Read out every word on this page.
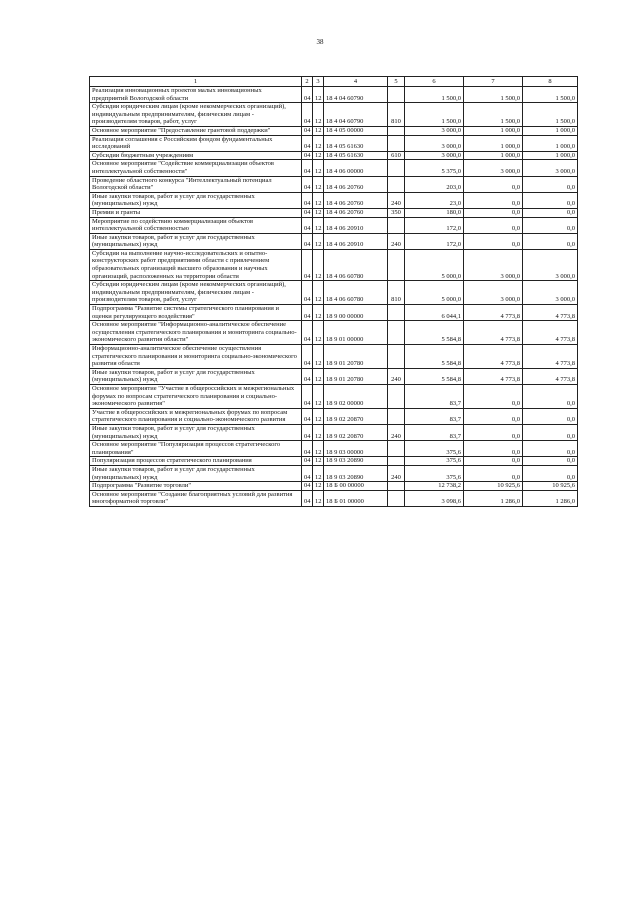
38
1	2	3	4	5	6	7	8
Реализация инновационных проектов малых инновационных предприятий Вологодской области	04	12	18 4 04 60790		1 500,0	1 500,0	1 500,0
Субсидии юридическим лицам (кроме некоммерческих организаций), индивидуальным предпринимателям, физическим лицам - производителям товаров, работ, услуг	04	12	18 4 04 60790	810	1 500,0	1 500,0	1 500,0
Основное мероприятие "Предоставление грантовой поддержки"	04	12	18 4 05 00000		3 000,0	1 000,0	1 000,0
Реализация соглашения с Российским фондом фундаментальных исследований	04	12	18 4 05 61630		3 000,0	1 000,0	1 000,0
Субсидии бюджетным учреждениям	04	12	18 4 05 61630	610	3 000,0	1 000,0	1 000,0
Основное мероприятие "Содействие коммерциализации объектов интеллектуальной собственности"	04	12	18 4 06 00000		5 375,0	3 000,0	3 000,0
Проведение областного конкурса "Интеллектуальный потенциал Вологодской области"	04	12	18 4 06 20760		203,0	0,0	0,0
Иные закупки товаров, работ и услуг для государственных (муниципальных) нужд	04	12	18 4 06 20760	240	23,0	0,0	0,0
Премии и гранты	04	12	18 4 06 20760	350	180,0	0,0	0,0
Мероприятие по содействию коммерциализации объектов интеллектуальной собственностью	04	12	18 4 06 20910		172,0	0,0	0,0
Иные закупки товаров, работ и услуг для государственных (муниципальных) нужд	04	12	18 4 06 20910	240	172,0	0,0	0,0
Субсидии на выполнение научно-исследовательских и опытно-конструкторских работ предприятиями области с привлечением образовательных организаций высшего образования и научных организаций, расположенных на территории области	04	12	18 4 06 60780		5 000,0	3 000,0	3 000,0
Субсидии юридическим лицам (кроме некоммерческих организаций), индивидуальным предпринимателям, физическим лицам - производителям товаров, работ, услуг	04	12	18 4 06 60780	810	5 000,0	3 000,0	3 000,0
Подпрограмма "Развитие системы стратегического планирования и оценки регулирующего воздействия"	04	12	18 9 00 00000		6 044,1	4 773,8	4 773,8
Основное мероприятие "Информационно-аналитическое обеспечение осуществления стратегического планирования и мониторинга социально-экономического развития области"	04	12	18 9 01 00000		5 584,8	4 773,8	4 773,8
Информационно-аналитическое обеспечение осуществления стратегического планирования и мониторинга социально-экономического развития области	04	12	18 9 01 20780		5 584,8	4 773,8	4 773,8
Иные закупки товаров, работ и услуг для государственных (муниципальных) нужд	04	12	18 9 01 20780	240	5 584,8	4 773,8	4 773,8
Основное мероприятие "Участие в общероссийских и межрегиональных форумах по вопросам стратегического планирования и социально-экономического развития"	04	12	18 9 02 00000		83,7	0,0	0,0
Участие в общероссийских и межрегиональных форумах по вопросам стратегического планирования и социально-экономического развития	04	12	18 9 02 20870		83,7	0,0	0,0
Иные закупки товаров, работ и услуг для государственных (муниципальных) нужд	04	12	18 9 02 20870	240	83,7	0,0	0,0
Основное мероприятие "Популяризация процессов стратегического планирования"	04	12	18 9 03 00000		375,6	0,0	0,0
Популяризация процессов стратегического планирования	04	12	18 9 03 20890		375,6	0,0	0,0
Иные закупки товаров, работ и услуг для государственных (муниципальных) нужд	04	12	18 9 03 20890	240	375,6	0,0	0,0
Подпрограмма "Развитие торговли"	04	12	18 Б 00 00000		12 738,2	10 925,6	10 925,6
Основное мероприятие "Создание благоприятных условий для развития многоформатной торговли"	04	12	18 Б 01 00000		3 098,6	1 286,0	1 286,0
